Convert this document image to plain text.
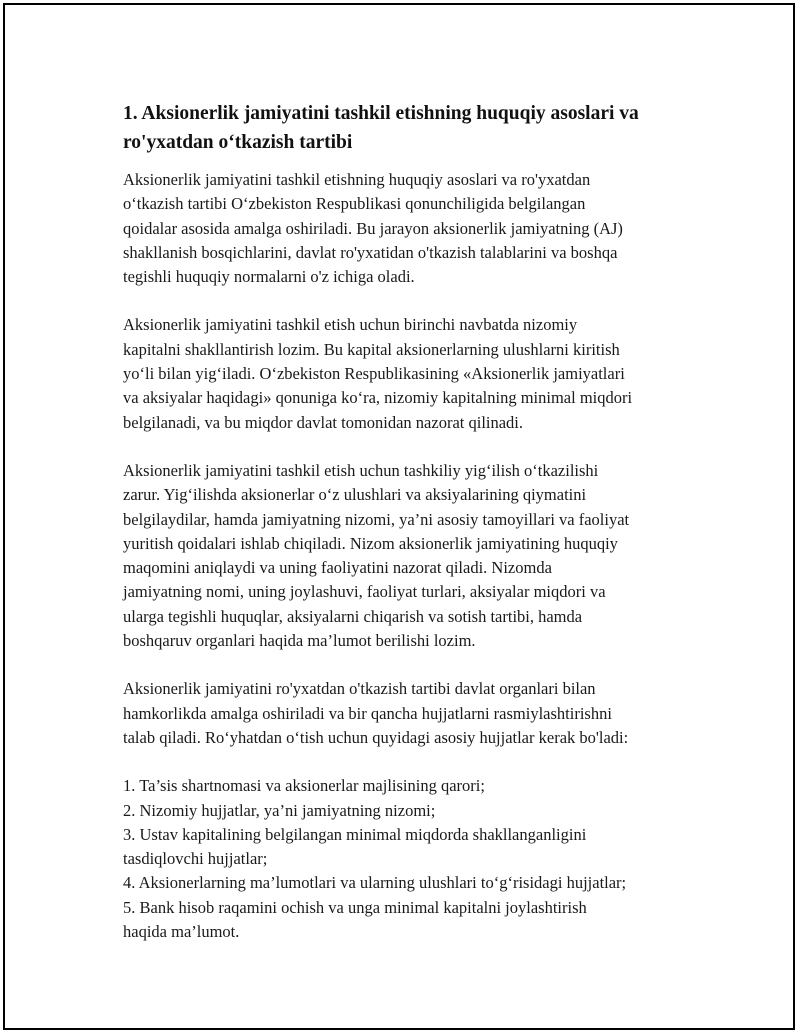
1. Aksionerlik jamiyatini tashkil etishning huquqiy asoslari va
ro'yxatdan o‘tkazish tartibi

Aksionerlik jamiyatini tashkil etishning huquqiy asoslari va ro'yxatdan
o‘tkazish tartibi O‘zbekiston Respublikasi qonunchiligida belgilangan
qoidalar asosida amalga oshiriladi. Bu jarayon aksionerlik jamiyatning (AJ)
shakllanish bosqichlarini, davlat ro'yxatidan o'tkazish talablarini va boshqa
tegishli huquqiy normalarni o'z ichiga oladi.

Aksionerlik jamiyatini tashkil etish uchun birinchi navbatda nizomiy
kapitalni shakllantirish lozim. Bu kapital aksionerlarning ulushlarni kiritish
yo‘li bilan yig‘iladi. O‘zbekiston Respublikasining «Aksionerlik jamiyatlari
va aksiyalar haqidagi» qonuniga ko‘ra, nizomiy kapitalning minimal miqdori
belgilanadi, va bu miqdor davlat tomonidan nazorat qilinadi.

Aksionerlik jamiyatini tashkil etish uchun tashkiliy yig‘ilish o‘tkazilishi
zarur. Yig‘ilishda aksionerlar o‘z ulushlari va aksiyalarining qiymatini
belgilaydilar, hamda jamiyatning nizomi, ya’ni asosiy tamoyillari va faoliyat
yuritish qoidalari ishlab chiqiladi. Nizom aksionerlik jamiyatining huquqiy
maqomini aniqlaydi va uning faoliyatini nazorat qiladi. Nizomda
jamiyatning nomi, uning joylashuvi, faoliyat turlari, aksiyalar miqdori va
ularga tegishli huquqlar, aksiyalarni chiqarish va sotish tartibi, hamda
boshqaruv organlari haqida ma’lumot berilishi lozim.

Aksionerlik jamiyatini ro'yxatdan o'tkazish tartibi davlat organlari bilan
hamkorlikda amalga oshiriladi va bir qancha hujjatlarni rasmiylashtirishni
talab qiladi. Ro‘yhatdan o‘tish uchun quyidagi asosiy hujjatlar kerak bo'ladi:

1. Ta’sis shartnomasi va aksionerlar majlisining qarori;
2. Nizomiy hujjatlar, ya’ni jamiyatning nizomi;
3. Ustav kapitalining belgilangan minimal miqdorda shakllanganligini
tasdiqlovchi hujjatlar;
4. Aksionerlarning ma’lumotlari va ularning ulushlari to‘g‘risidagi hujjatlar;
5. Bank hisob raqamini ochish va unga minimal kapitalni joylashtirish
haqida ma’lumot.
